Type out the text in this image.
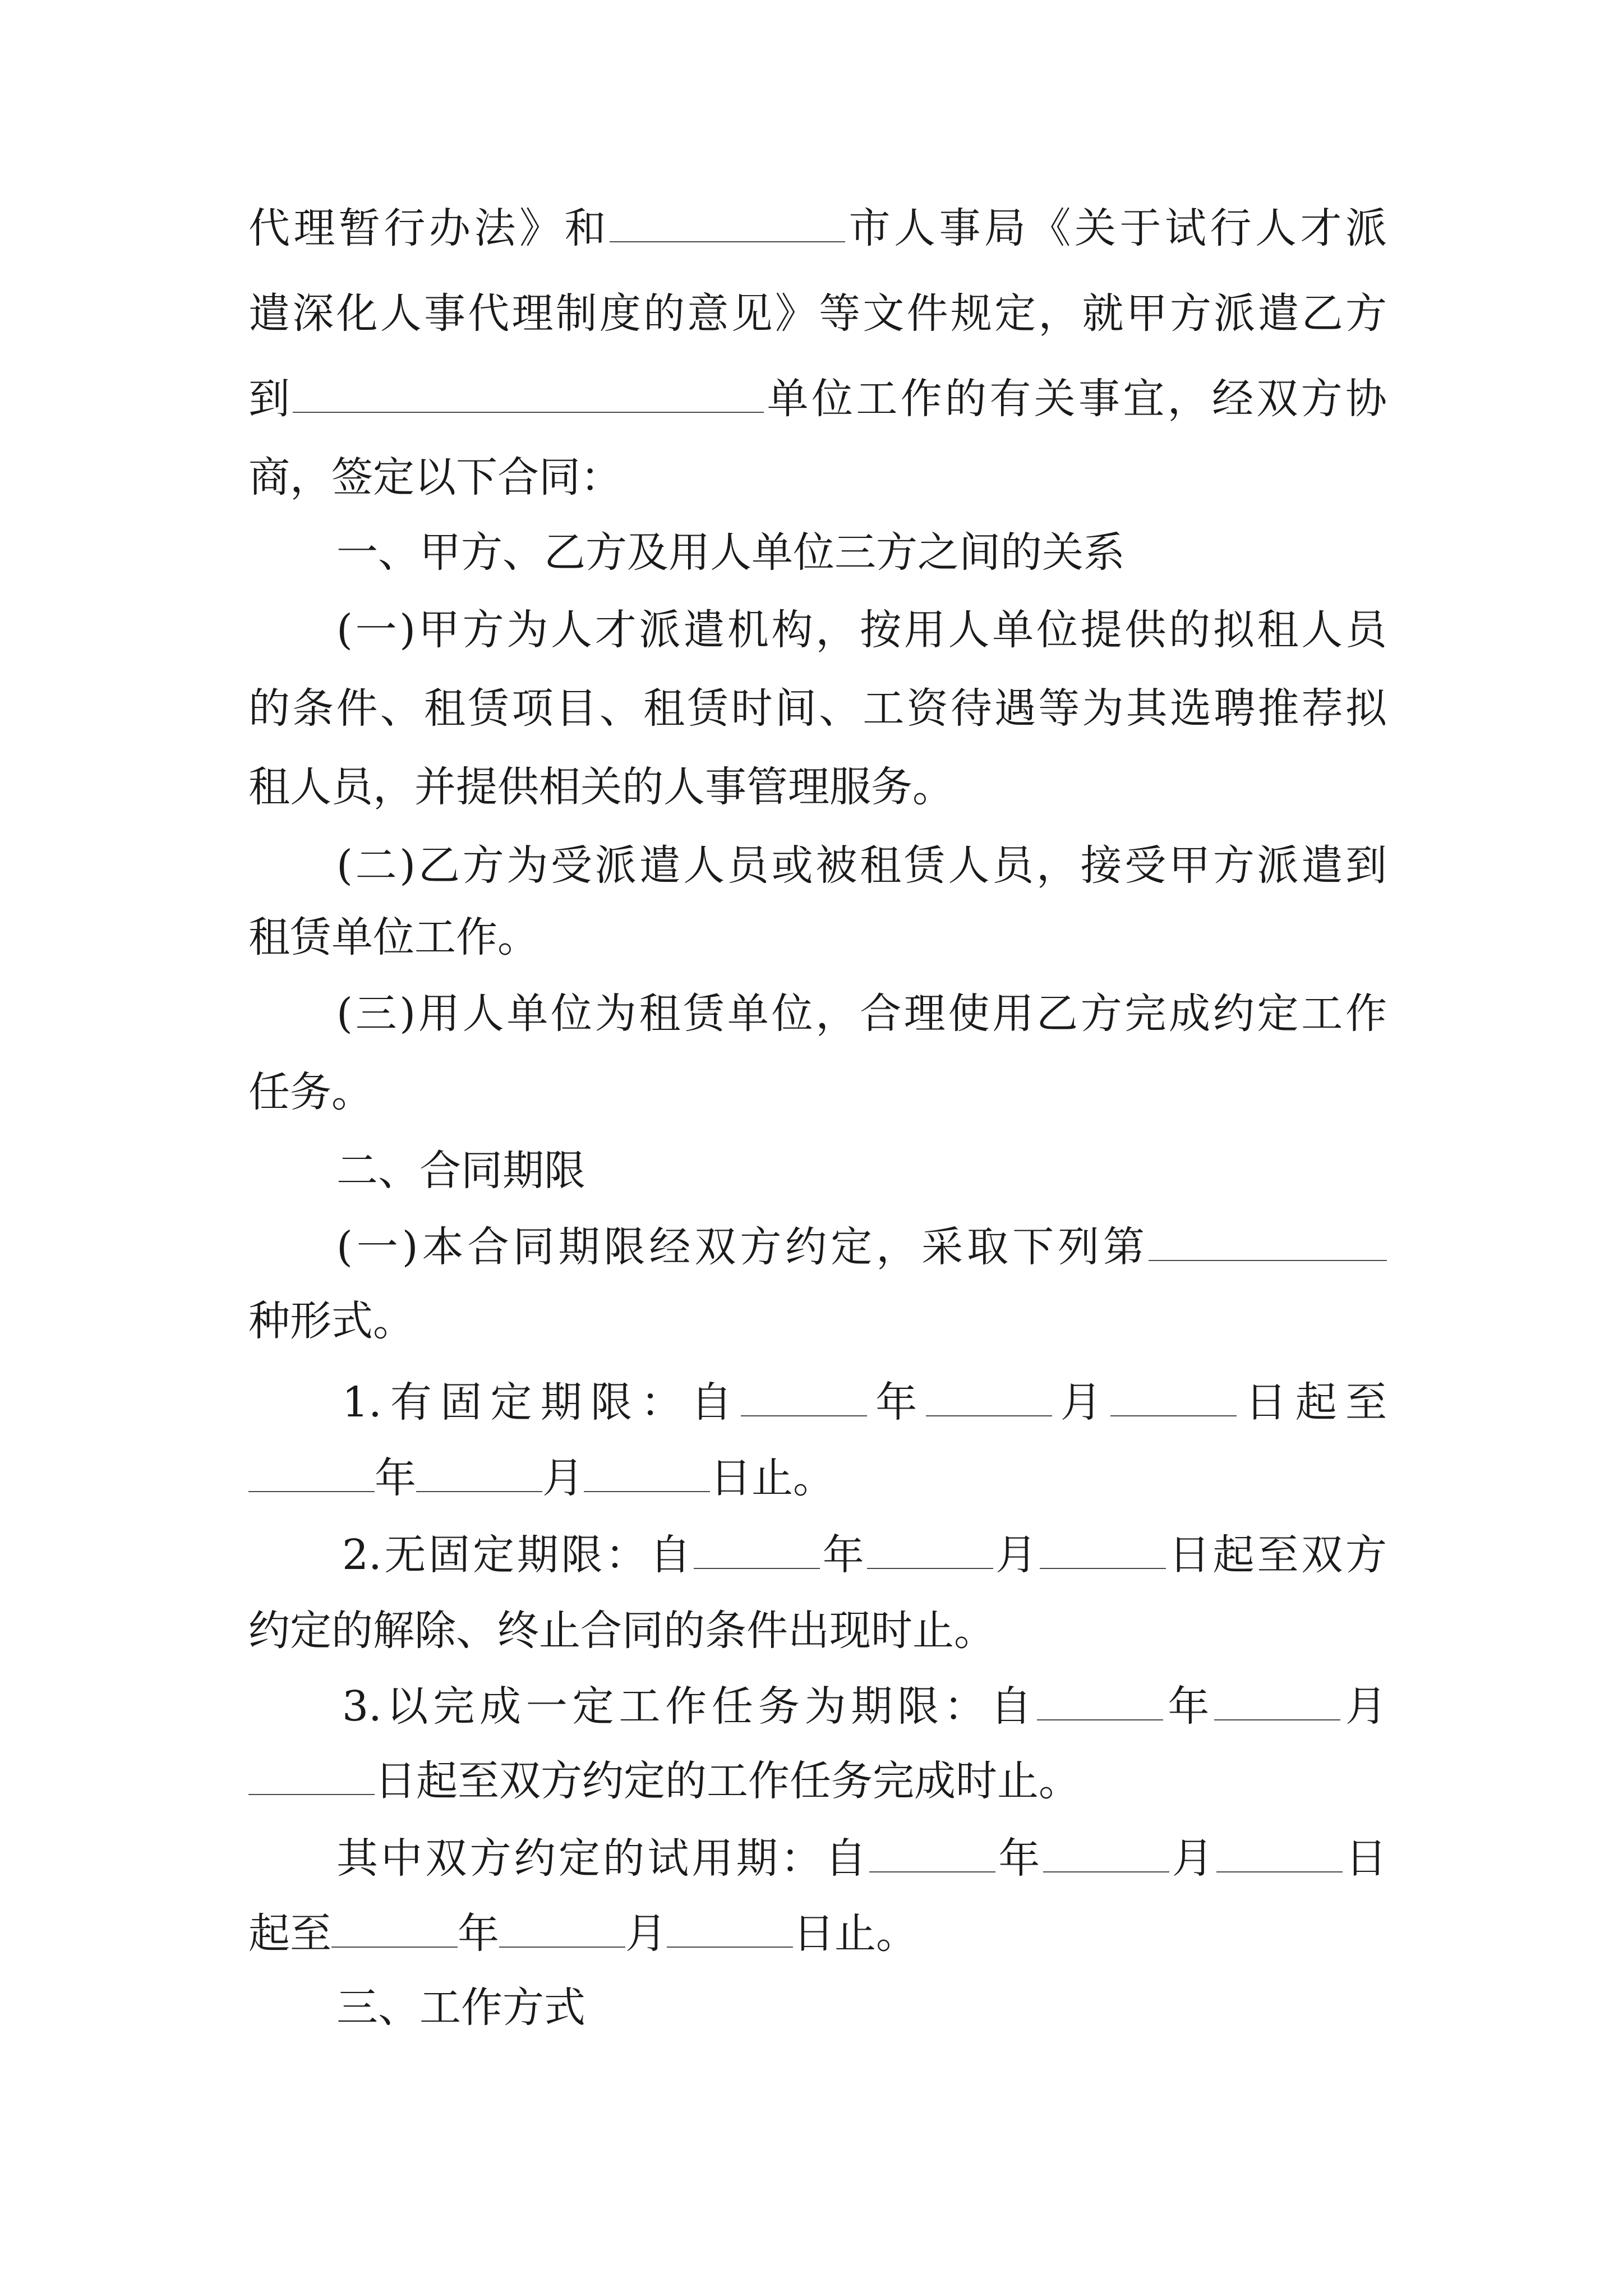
代理暂行办法》和	市人事局《关于试行人才派
遣深化人事代理制度的意见》等文件规定，就甲方派遣乙方
到	单位工作的有关事宜，经双方协
商，签定以下合同：
一、甲方、乙方及用人单位三方之间的关系
(一)甲方为人才派遣机构，按用人单位提供的拟租人员
的条件、租赁项目、租赁时间、工资待遇等为其选聘推荐拟
租人员，并提供相关的人事管理服务。
(二)乙方为受派遣人员或被租赁人员，接受甲方派遣到
租赁单位工作。
(三)用人单位为租赁单位，合理使用乙方完成约定工作
任务。
二、合同期限
(一)本合同期限经双方约定，采取下列第
种形式。
1.有固定期限：自	年	月	日起至
年	月	日止。
2.无固定期限：自	年	月	日起至双方
约定的解除、终止合同的条件出现时止。
3.以完成一定工作任务为期限：自	年	月
日起至双方约定的工作任务完成时止。
其中双方约定的试用期：自	年	月	日
起至	年	月	日止。
三、工作方式
